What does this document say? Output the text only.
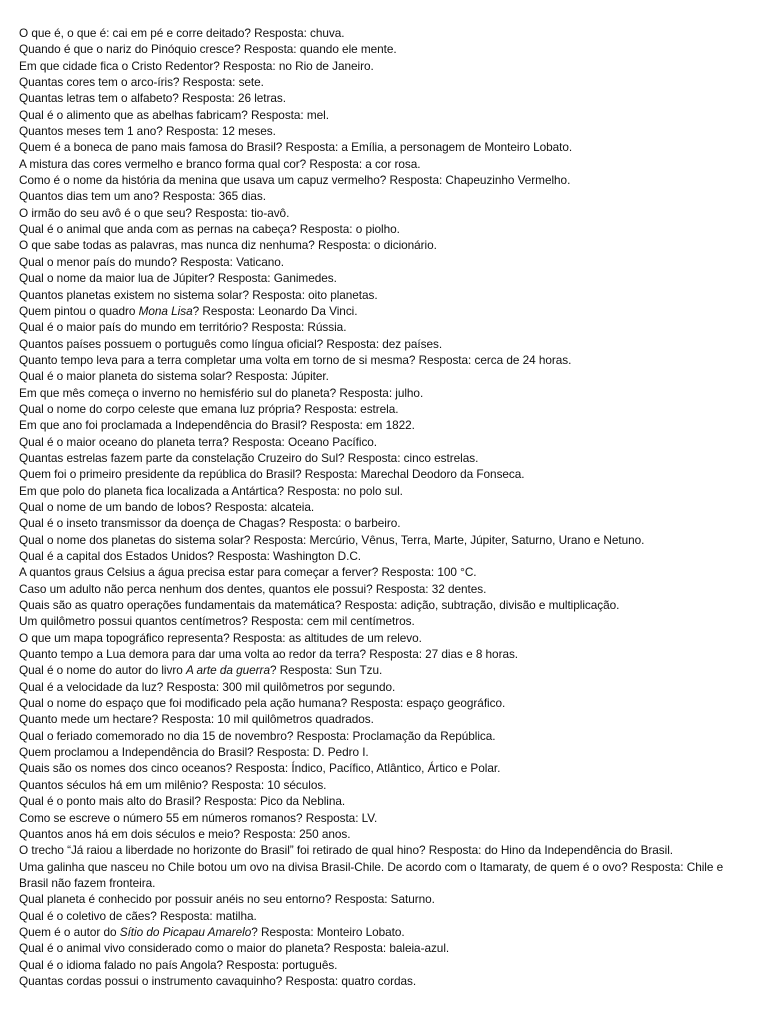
O que é, o que é: cai em pé e corre deitado? Resposta: chuva.
Quando é que o nariz do Pinóquio cresce? Resposta: quando ele mente.
Em que cidade fica o Cristo Redentor? Resposta: no Rio de Janeiro.
Quantas cores tem o arco-íris? Resposta: sete.
Quantas letras tem o alfabeto? Resposta: 26 letras.
Qual é o alimento que as abelhas fabricam? Resposta: mel.
Quantos meses tem 1 ano? Resposta: 12 meses.
Quem é a boneca de pano mais famosa do Brasil? Resposta: a Emília, a personagem de Monteiro Lobato.
A mistura das cores vermelho e branco forma qual cor? Resposta: a cor rosa.
Como é o nome da história da menina que usava um capuz vermelho? Resposta: Chapeuzinho Vermelho.
Quantos dias tem um ano? Resposta: 365 dias.
O irmão do seu avô é o que seu? Resposta: tio-avô.
Qual é o animal que anda com as pernas na cabeça? Resposta: o piolho.
O que sabe todas as palavras, mas nunca diz nenhuma? Resposta: o dicionário.
Qual o menor país do mundo? Resposta: Vaticano.
Qual o nome da maior lua de Júpiter? Resposta: Ganimedes.
Quantos planetas existem no sistema solar? Resposta: oito planetas.
Quem pintou o quadro Mona Lisa? Resposta: Leonardo Da Vinci.
Qual é o maior país do mundo em território? Resposta: Rússia.
Quantos países possuem o português como língua oficial? Resposta: dez países.
Quanto tempo leva para a terra completar uma volta em torno de si mesma? Resposta: cerca de 24 horas.
Qual é o maior planeta do sistema solar? Resposta: Júpiter.
Em que mês começa o inverno no hemisfério sul do planeta? Resposta: julho.
Qual o nome do corpo celeste que emana luz própria? Resposta: estrela.
Em que ano foi proclamada a Independência do Brasil? Resposta: em 1822.
Qual é o maior oceano do planeta terra? Resposta: Oceano Pacífico.
Quantas estrelas fazem parte da constelação Cruzeiro do Sul? Resposta: cinco estrelas.
Quem foi o primeiro presidente da república do Brasil? Resposta: Marechal Deodoro da Fonseca.
Em que polo do planeta fica localizada a Antártica? Resposta: no polo sul.
Qual o nome de um bando de lobos? Resposta: alcateia.
Qual é o inseto transmissor da doença de Chagas? Resposta: o barbeiro.
Qual o nome dos planetas do sistema solar? Resposta: Mercúrio, Vênus, Terra, Marte, Júpiter, Saturno, Urano e Netuno.
Qual é a capital dos Estados Unidos? Resposta: Washington D.C.
A quantos graus Celsius a água precisa estar para começar a ferver? Resposta: 100 °C.
Caso um adulto não perca nenhum dos dentes, quantos ele possui? Resposta: 32 dentes.
Quais são as quatro operações fundamentais da matemática? Resposta: adição, subtração, divisão e multiplicação.
Um quilômetro possui quantos centímetros? Resposta: cem mil centímetros.
O que um mapa topográfico representa? Resposta: as altitudes de um relevo.
Quanto tempo a Lua demora para dar uma volta ao redor da terra? Resposta: 27 dias e 8 horas.
Qual é o nome do autor do livro A arte da guerra? Resposta: Sun Tzu.
Qual é a velocidade da luz? Resposta: 300 mil quilômetros por segundo.
Qual o nome do espaço que foi modificado pela ação humana? Resposta: espaço geográfico.
Quanto mede um hectare? Resposta: 10 mil quilômetros quadrados.
Qual o feriado comemorado no dia 15 de novembro? Resposta: Proclamação da República.
Quem proclamou a Independência do Brasil? Resposta: D. Pedro I.
Quais são os nomes dos cinco oceanos? Resposta: Índico, Pacífico, Atlântico, Ártico e Polar.
Quantos séculos há em um milênio? Resposta: 10 séculos.
Qual é o ponto mais alto do Brasil? Resposta: Pico da Neblina.
Como se escreve o número 55 em números romanos? Resposta: LV.
Quantos anos há em dois séculos e meio? Resposta: 250 anos.
O trecho “Já raiou a liberdade no horizonte do Brasil” foi retirado de qual hino? Resposta: do Hino da Independência do Brasil.
Uma galinha que nasceu no Chile botou um ovo na divisa Brasil-Chile. De acordo com o Itamaraty, de quem é o ovo? Resposta: Chile e Brasil não fazem fronteira.
Qual planeta é conhecido por possuir anéis no seu entorno? Resposta: Saturno.
Qual é o coletivo de cães? Resposta: matilha.
Quem é o autor do Sítio do Picapau Amarelo? Resposta: Monteiro Lobato.
Qual é o animal vivo considerado como o maior do planeta? Resposta: baleia-azul.
Qual é o idioma falado no país Angola? Resposta: português.
Quantas cordas possui o instrumento cavaquinho? Resposta: quatro cordas.
